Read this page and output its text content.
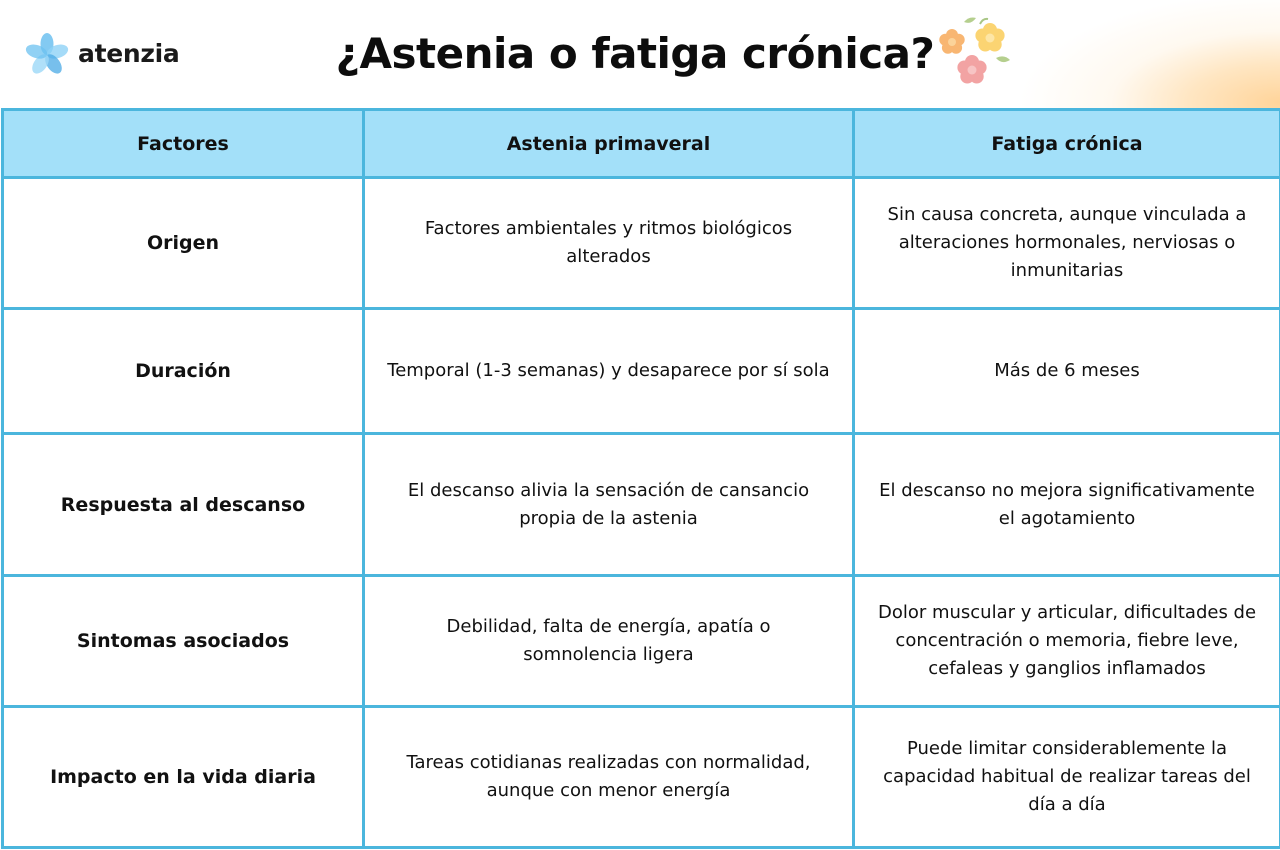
atenzia	¿Astenia o fatiga crónica?
Factores	Astenia primaveral	Fatiga crónica
Origen	Factores ambientales y ritmos biológicos alterados	Sin causa concreta, aunque vinculada a alteraciones hormonales, nerviosas o inmunitarias
Duración	Temporal (1-3 semanas) y desaparece por sí sola	Más de 6 meses
Respuesta al descanso	El descanso alivia la sensación de cansancio propia de la astenia	El descanso no mejora significativamente el agotamiento
Sintomas asociados	Debilidad, falta de energía, apatía o somnolencia ligera	Dolor muscular y articular, dificultades de concentración o memoria, fiebre leve, cefaleas y ganglios inflamados
Impacto en la vida diaria	Tareas cotidianas realizadas con normalidad, aunque con menor energía	Puede limitar considerablemente la capacidad habitual de realizar tareas del día a día
